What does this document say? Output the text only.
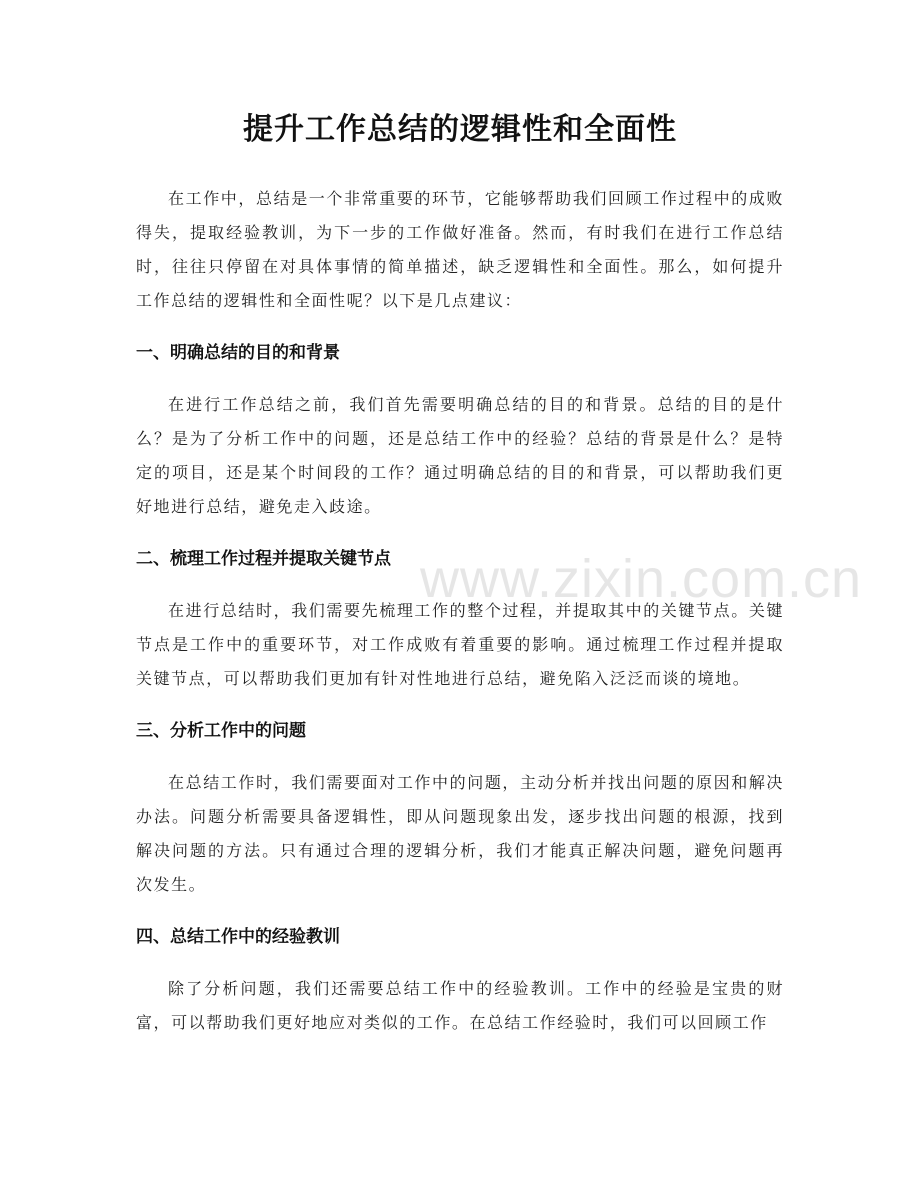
提升工作总结的逻辑性和全面性

在工作中，总结是一个非常重要的环节，它能够帮助我们回顾工作过程中的成败得失，提取经验教训，为下一步的工作做好准备。然而，有时我们在进行工作总结时，往往只停留在对具体事情的简单描述，缺乏逻辑性和全面性。那么，如何提升工作总结的逻辑性和全面性呢？以下是几点建议：

一、明确总结的目的和背景

在进行工作总结之前，我们首先需要明确总结的目的和背景。总结的目的是什么？是为了分析工作中的问题，还是总结工作中的经验？总结的背景是什么？是特定的项目，还是某个时间段的工作？通过明确总结的目的和背景，可以帮助我们更好地进行总结，避免走入歧途。

二、梳理工作过程并提取关键节点

在进行总结时，我们需要先梳理工作的整个过程，并提取其中的关键节点。关键节点是工作中的重要环节，对工作成败有着重要的影响。通过梳理工作过程并提取关键节点，可以帮助我们更加有针对性地进行总结，避免陷入泛泛而谈的境地。

三、分析工作中的问题

在总结工作时，我们需要面对工作中的问题，主动分析并找出问题的原因和解决办法。问题分析需要具备逻辑性，即从问题现象出发，逐步找出问题的根源，找到解决问题的方法。只有通过合理的逻辑分析，我们才能真正解决问题，避免问题再次发生。

四、总结工作中的经验教训

除了分析问题，我们还需要总结工作中的经验教训。工作中的经验是宝贵的财富，可以帮助我们更好地应对类似的工作。在总结工作经验时，我们可以回顾工作

www.zixin.com.cn
